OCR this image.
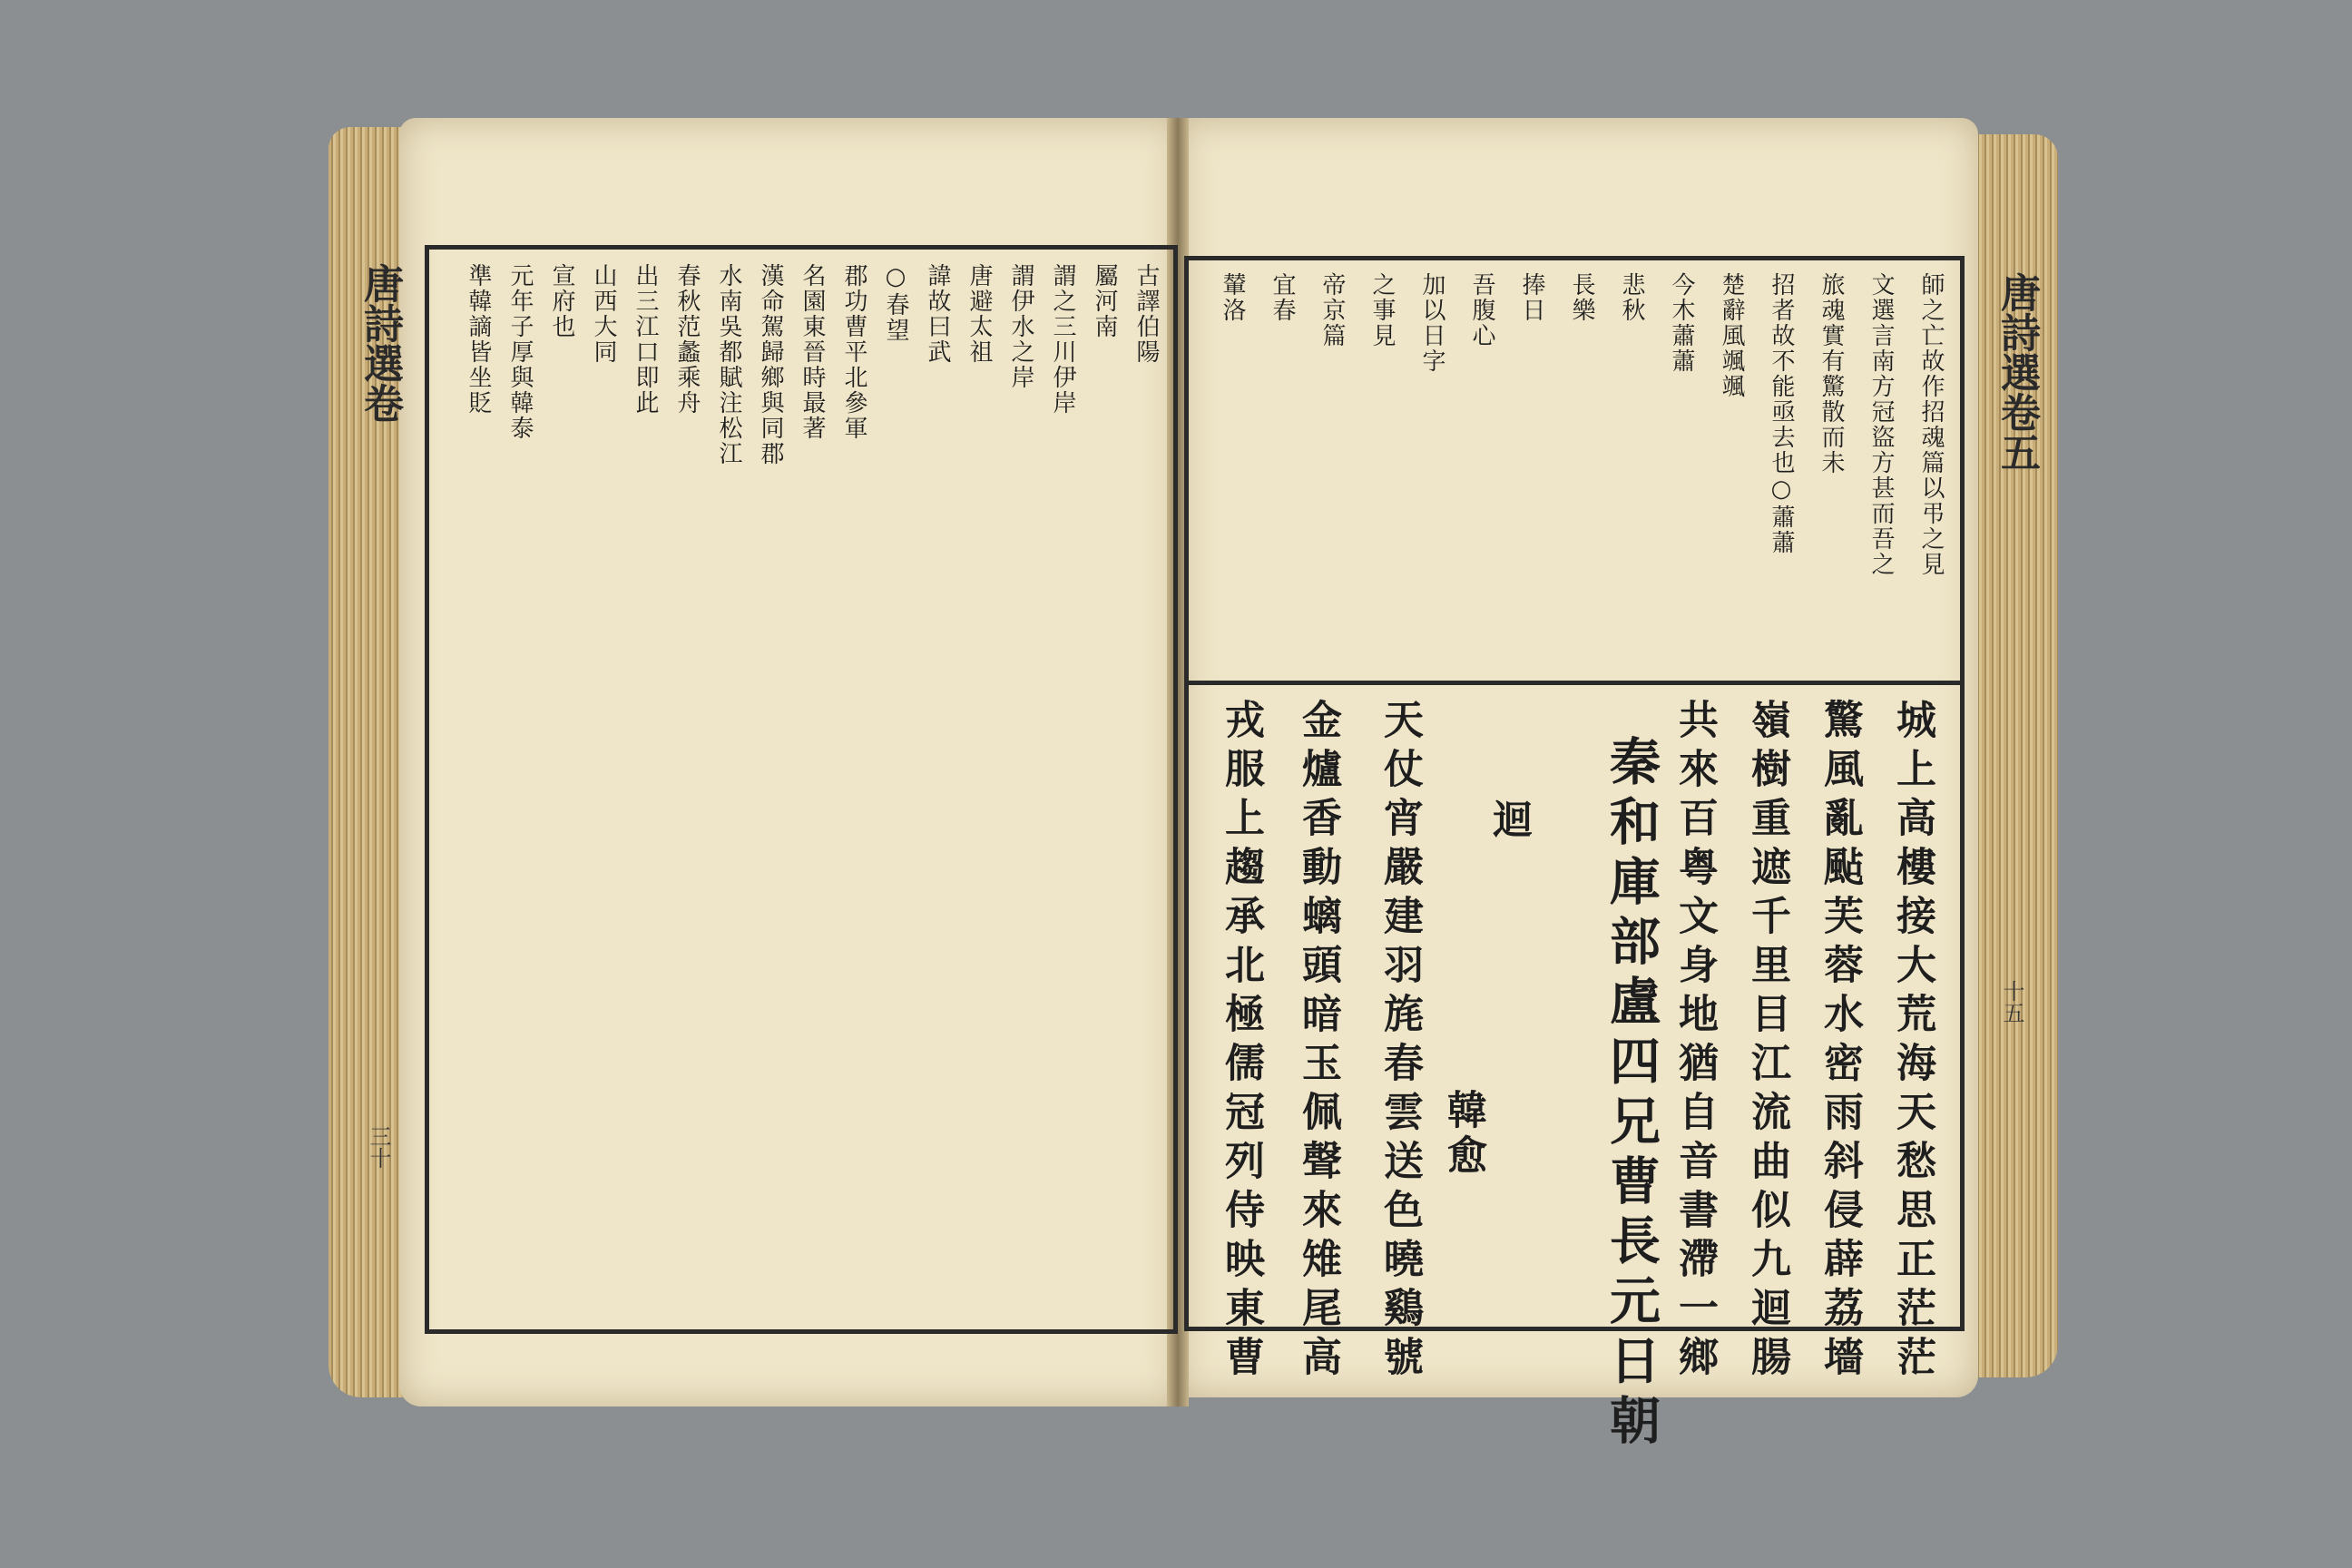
唐詩選卷五
唐詩選卷
十五
三十
古譯伯陽
屬河南
謂之三川伊岸
謂伊水之岸
唐避太祖
諱故曰武
○春望
郡功曹平北參軍
名園東晉時最著
漢命駕歸鄉與同郡
水南吳都賦注松江
春秋范蠡乘舟
出三江口即此
山西大同
宣府也
元年子厚與韓泰
準韓謫皆坐貶	師之亡故作招魂篇以弔之見
文選言南方冠盜方甚而吾之
旅魂實有驚散而未
招者故不能亟去也○蕭蕭
楚辭風颯颯
今木蕭蕭
悲秋
長樂
捧日
吾腹心
加以日字
之事見
帝京篇
宜春
輦洛
城上高樓接大荒海天愁思正茫茫
驚風亂颭芙蓉水密雨斜侵薜荔墻
嶺樹重遮千里目江流曲似九迴腸
共來百粤文身地猶自音書滯一鄉
秦和庫部盧四兄曹長元日朝
迴
韓愈
天仗宵嚴建羽旄春雲送色曉鷄號
金爐香動螭頭暗玉佩聲來雉尾高
戎服上趨承北極儒冠列侍映東曹
